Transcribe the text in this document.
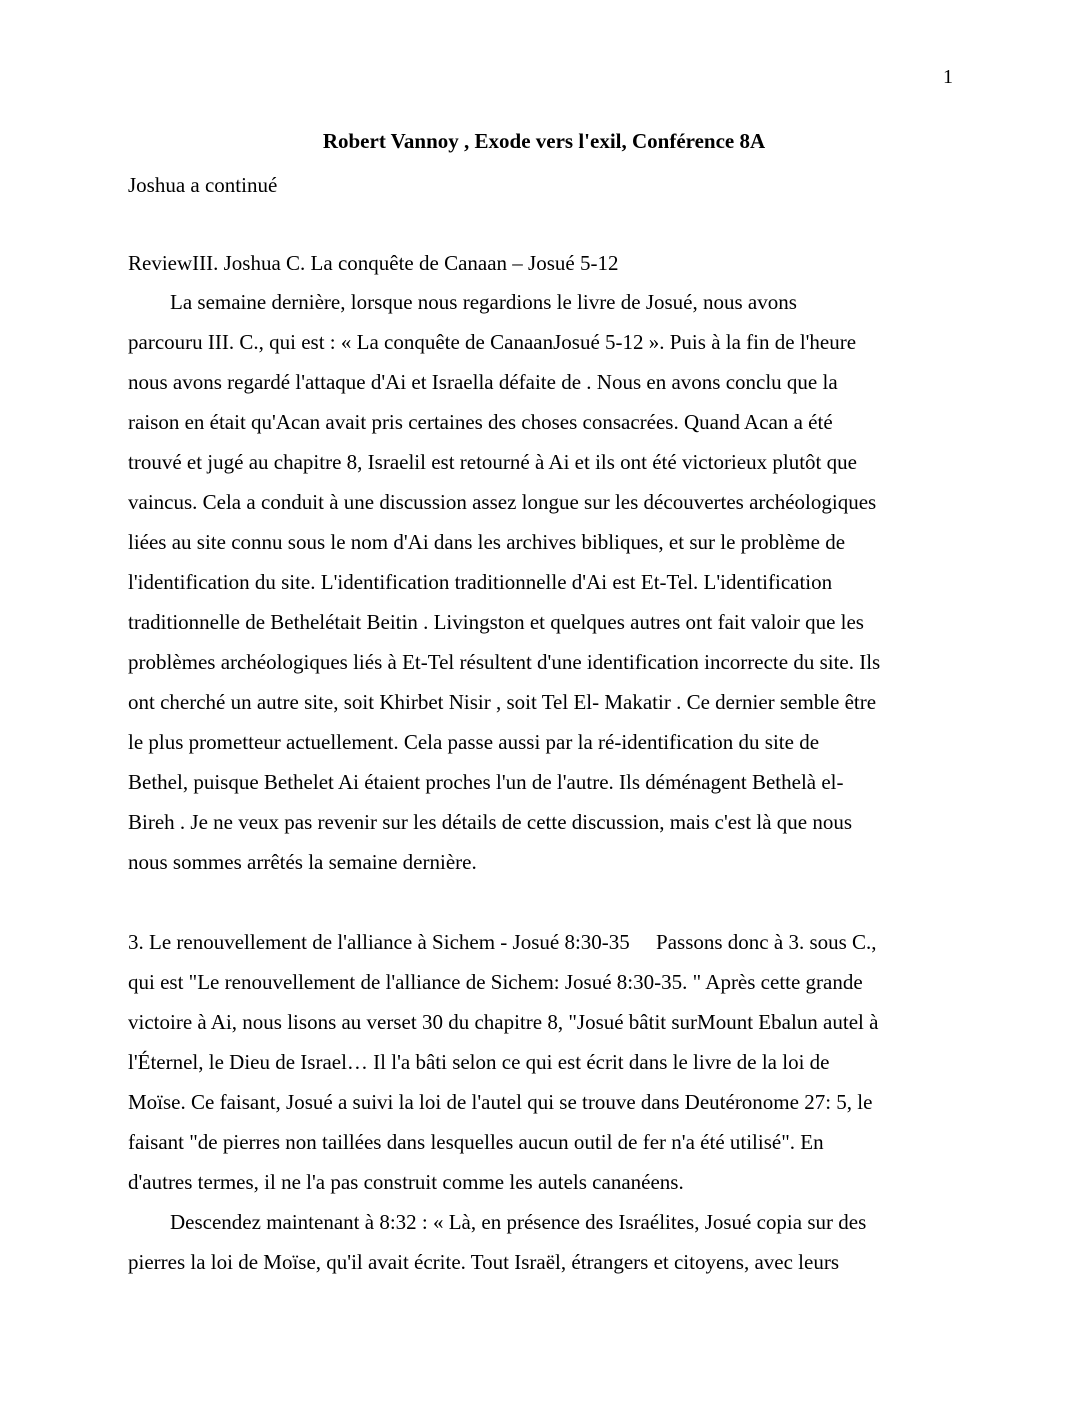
1
Robert Vannoy , Exode vers l'exil, Conférence 8A
Joshua a continué
ReviewIII. Joshua C. La conquête de Canaan – Josué 5-12
La semaine dernière, lorsque nous regardions le livre de Josué, nous avons
parcouru III. C., qui est : « La conquête de CanaanJosué 5-12 ». Puis à la fin de l'heure
nous avons regardé l'attaque d'Ai et Israella défaite de . Nous en avons conclu que la
raison en était qu'Acan avait pris certaines des choses consacrées. Quand Acan a été
trouvé et jugé au chapitre 8, Israelil est retourné à Ai et ils ont été victorieux plutôt que
vaincus. Cela a conduit à une discussion assez longue sur les découvertes archéologiques
liées au site connu sous le nom d'Ai dans les archives bibliques, et sur le problème de
l'identification du site. L'identification traditionnelle d'Ai est Et-Tel. L'identification
traditionnelle de Bethelétait Beitin . Livingston et quelques autres ont fait valoir que les
problèmes archéologiques liés à Et-Tel résultent d'une identification incorrecte du site. Ils
ont cherché un autre site, soit Khirbet Nisir , soit Tel El- Makatir . Ce dernier semble être
le plus prometteur actuellement. Cela passe aussi par la ré-identification du site de
Bethel, puisque Bethelet Ai étaient proches l'un de l'autre. Ils déménagent Bethelà el-
Bireh . Je ne veux pas revenir sur les détails de cette discussion, mais c'est là que nous
nous sommes arrêtés la semaine dernière.
3. Le renouvellement de l'alliance à Sichem - Josué 8:30-35     Passons donc à 3. sous C.,
qui est "Le renouvellement de l'alliance de Sichem: Josué 8:30-35. " Après cette grande
victoire à Ai, nous lisons au verset 30 du chapitre 8, "Josué bâtit surMount Ebalun autel à
l'Éternel, le Dieu de Israel… Il l'a bâti selon ce qui est écrit dans le livre de la loi de
Moïse. Ce faisant, Josué a suivi la loi de l'autel qui se trouve dans Deutéronome 27: 5, le
faisant "de pierres non taillées dans lesquelles aucun outil de fer n'a été utilisé". En
d'autres termes, il ne l'a pas construit comme les autels cananéens.
Descendez maintenant à 8:32 : « Là, en présence des Israélites, Josué copia sur des
pierres la loi de Moïse, qu'il avait écrite. Tout Israël, étrangers et citoyens, avec leurs
